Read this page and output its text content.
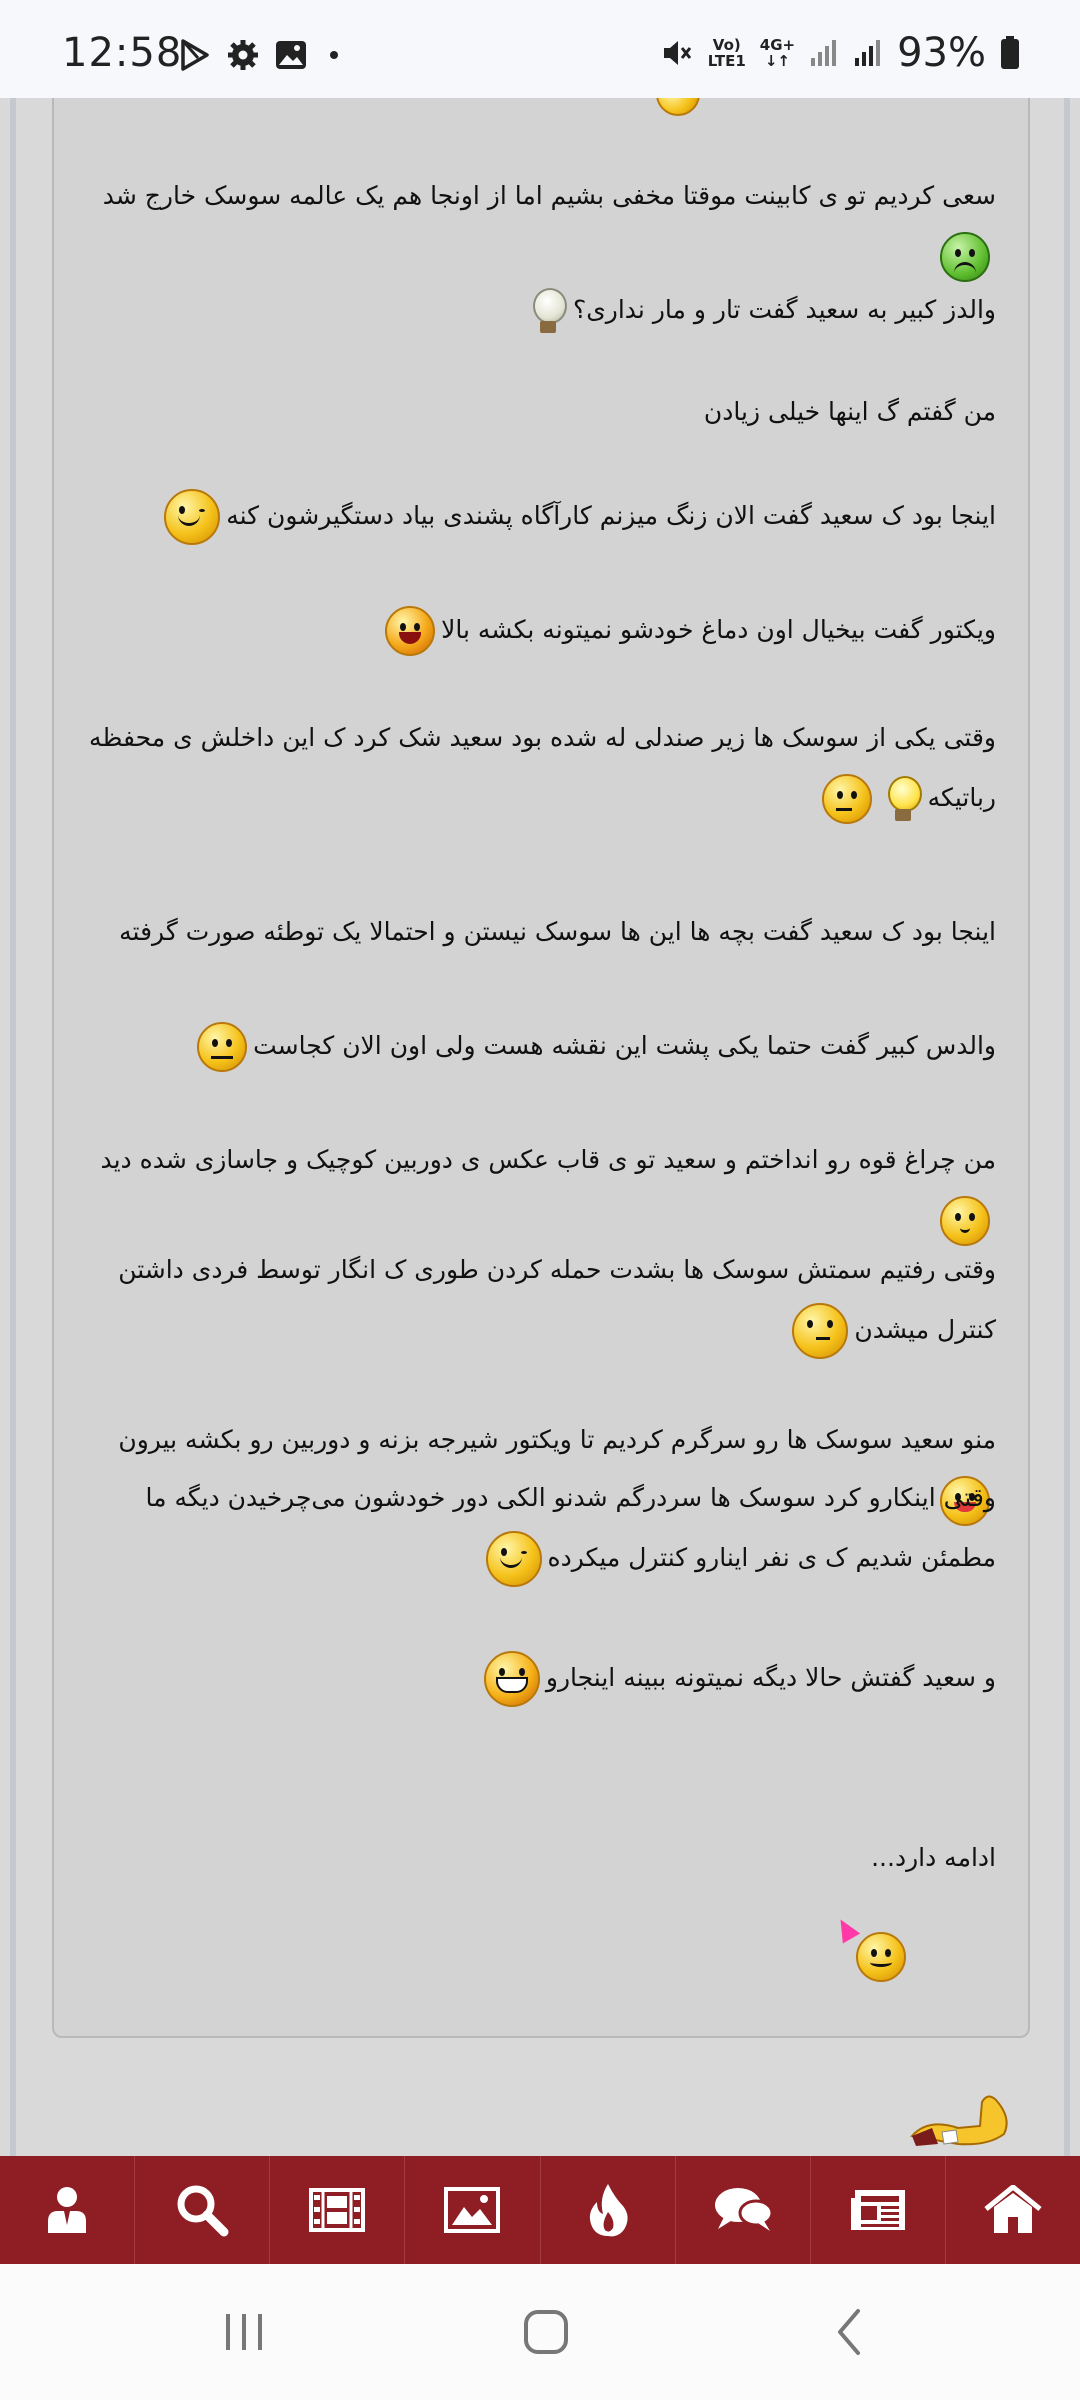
12:58	Vo)
LTE1
4G+
↓↑	93%
سعی کردیم تو ی کابینت موقتا مخفی بشیم اما از اونجا هم یک عالمه سوسک خارج شد
والدز کبیر به سعید گفت تار و مار نداری؟
من گفتم گ اینها خیلی زیادن
اینجا بود ک سعید گفت الان زنگ میزنم کارآگاه پشندی بیاد دستگیرشون کنه
ویکتور گفت بیخیال اون دماغ خودشو نمیتونه بکشه بالا
وقتی یکی از سوسک ها زیر صندلی له شده بود سعید شک کرد ک این داخلش ی محفظه رباتیکه
اینجا بود ک سعید گفت بچه ها این ها سوسک نیستن و احتمالا یک توطئه صورت گرفته
والدس کبیر گفت حتما یکی پشت این نقشه هست ولی اون الان کجاست
من چراغ قوه رو انداختم و سعید تو ی قاب عکس ی دوربین کوچیک و جاسازی شده دید
وقتی رفتیم سمتش سوسک ها بشدت حمله کردن طوری ک انگار توسط فردی داشتن کنترل میشدن
منو سعید سوسک ها رو سرگرم کردیم تا ویکتور شیرجه بزنه و دوربین رو بکشه بیرون
وقتی اینکارو کرد سوسک ها سردرگم شدنو الکی دور خودشون می‌چرخیدن دیگه ما مطمئن شدیم ک ی نفر اینارو کنترل میکرده
و سعید گفتش حالا دیگه نمیتونه ببینه اینجارو
ادامه دارد...
